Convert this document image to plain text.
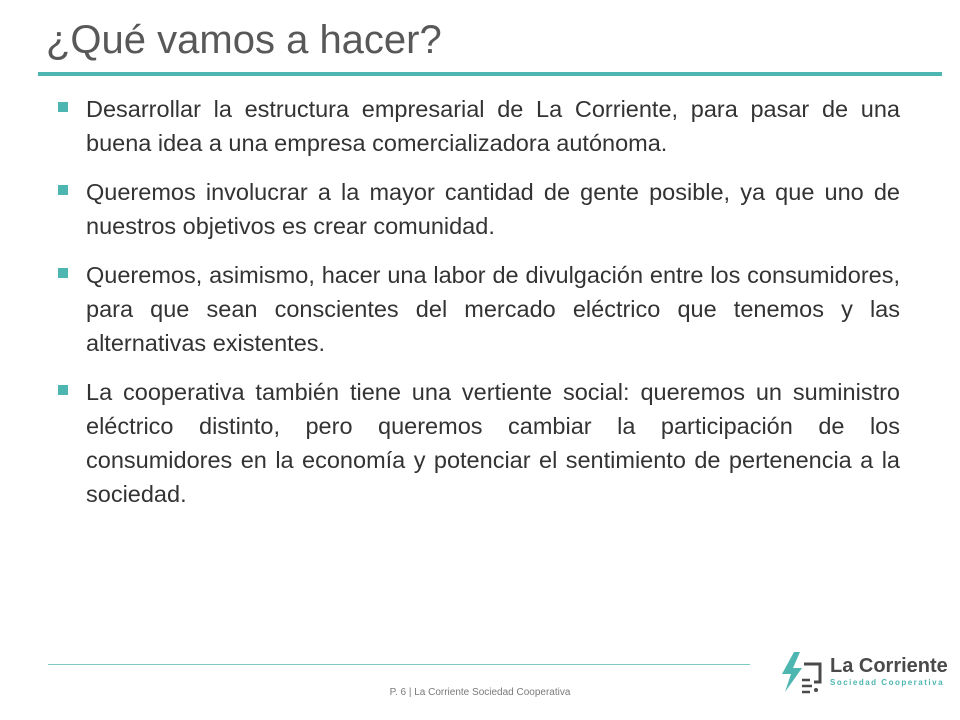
¿Qué vamos a hacer?
Desarrollar la estructura empresarial de La Corriente, para pasar de una buena idea a una empresa comercializadora autónoma.
Queremos involucrar a la mayor cantidad de gente posible, ya que uno de nuestros objetivos es crear comunidad.
Queremos, asimismo, hacer una labor de divulgación entre los consumidores, para que sean conscientes del mercado eléctrico que tenemos y las alternativas existentes.
La cooperativa también tiene una vertiente social: queremos un suministro eléctrico distinto, pero queremos cambiar la participación de los consumidores en la economía y potenciar el sentimiento de pertenencia a la sociedad.
P. 6 | La Corriente Sociedad Cooperativa
La Corriente
Sociedad Cooperativa
